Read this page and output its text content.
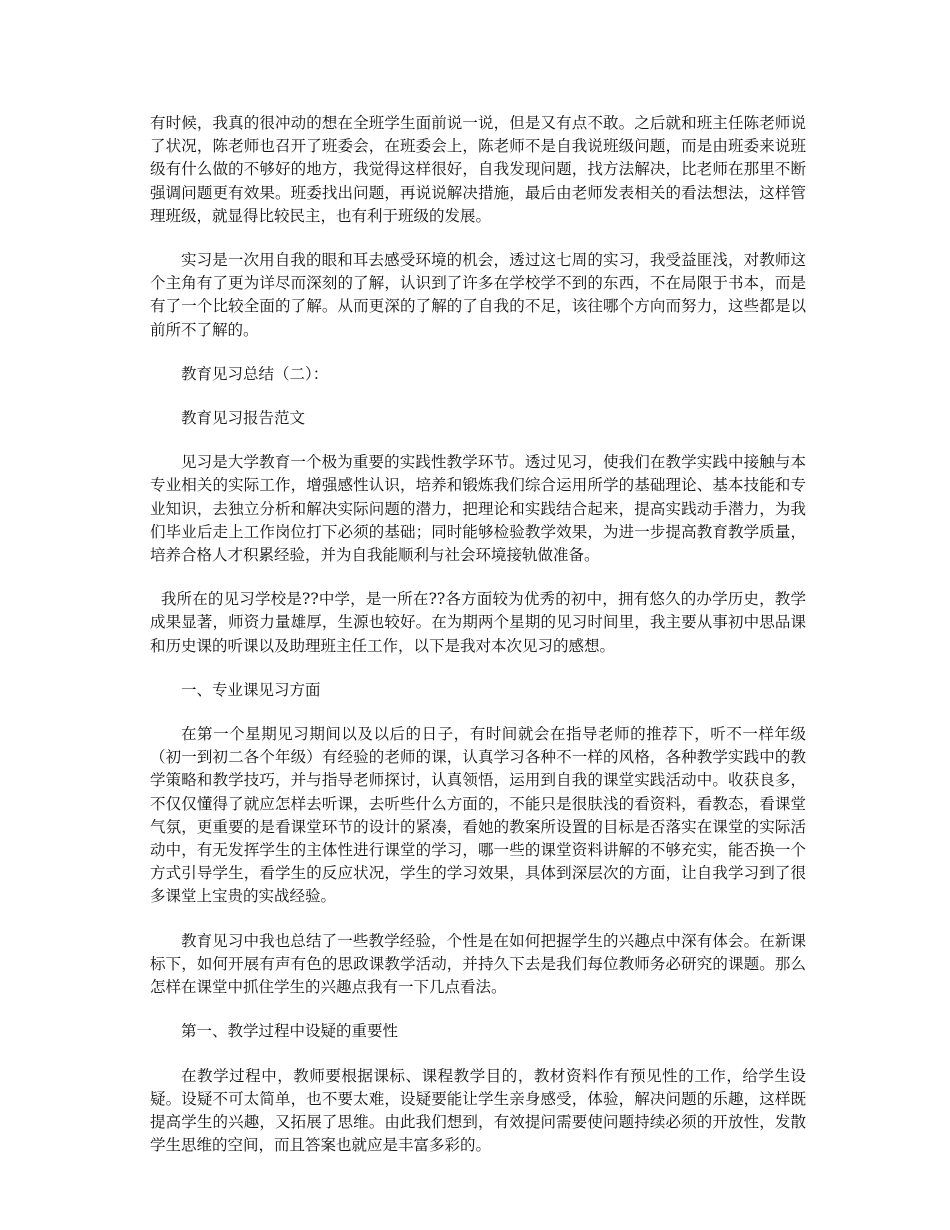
有时候，我真的很冲动的想在全班学生面前说一说，但是又有点不敢。之后就和班主任陈老师说了状况，陈老师也召开了班委会，在班委会上，陈老师不是自我说班级问题，而是由班委来说班级有什么做的不够好的地方，我觉得这样很好，自我发现问题，找方法解决，比老师在那里不断强调问题更有效果。班委找出问题，再说说解决措施，最后由老师发表相关的看法想法，这样管理班级，就显得比较民主，也有利于班级的发展。

实习是一次用自我的眼和耳去感受环境的机会，透过这七周的实习，我受益匪浅，对教师这个主角有了更为详尽而深刻的了解，认识到了许多在学校学不到的东西，不在局限于书本，而是有了一个比较全面的了解。从而更深的了解的了自我的不足，该往哪个方向而努力，这些都是以前所不了解的。

教育见习总结（二）：

教育见习报告范文

见习是大学教育一个极为重要的实践性教学环节。透过见习，使我们在教学实践中接触与本专业相关的实际工作，增强感性认识，培养和锻炼我们综合运用所学的基础理论、基本技能和专业知识，去独立分析和解决实际问题的潜力，把理论和实践结合起来，提高实践动手潜力，为我们毕业后走上工作岗位打下必须的基础；同时能够检验教学效果，为进一步提高教育教学质量，培养合格人才积累经验，并为自我能顺利与社会环境接轨做准备。

我所在的见习学校是??中学，是一所在??各方面较为优秀的初中，拥有悠久的办学历史，教学成果显著，师资力量雄厚，生源也较好。在为期两个星期的见习时间里，我主要从事初中思品课和历史课的听课以及助理班主任工作，以下是我对本次见习的感想。

一、专业课见习方面

在第一个星期见习期间以及以后的日子，有时间就会在指导老师的推荐下，听不一样年级（初一到初二各个年级）有经验的老师的课，认真学习各种不一样的风格，各种教学实践中的教学策略和教学技巧，并与指导老师探讨，认真领悟，运用到自我的课堂实践活动中。收获良多，不仅仅懂得了就应怎样去听课，去听些什么方面的，不能只是很肤浅的看资料，看教态，看课堂气氛，更重要的是看课堂环节的设计的紧凑，看她的教案所设置的目标是否落实在课堂的实际活动中，有无发挥学生的主体性进行课堂的学习，哪一些的课堂资料讲解的不够充实，能否换一个方式引导学生，看学生的反应状况，学生的学习效果，具体到深层次的方面，让自我学习到了很多课堂上宝贵的实战经验。

教育见习中我也总结了一些教学经验，个性是在如何把握学生的兴趣点中深有体会。在新课标下，如何开展有声有色的思政课教学活动，并持久下去是我们每位教师务必研究的课题。那么怎样在课堂中抓住学生的兴趣点我有一下几点看法。

第一、教学过程中设疑的重要性

在教学过程中，教师要根据课标、课程教学目的，教材资料作有预见性的工作，给学生设疑。设疑不可太简单，也不要太难，设疑要能让学生亲身感受，体验，解决问题的乐趣，这样既提高学生的兴趣，又拓展了思维。由此我们想到，有效提问需要使问题持续必须的开放性，发散学生思维的空间，而且答案也就应是丰富多彩的。
